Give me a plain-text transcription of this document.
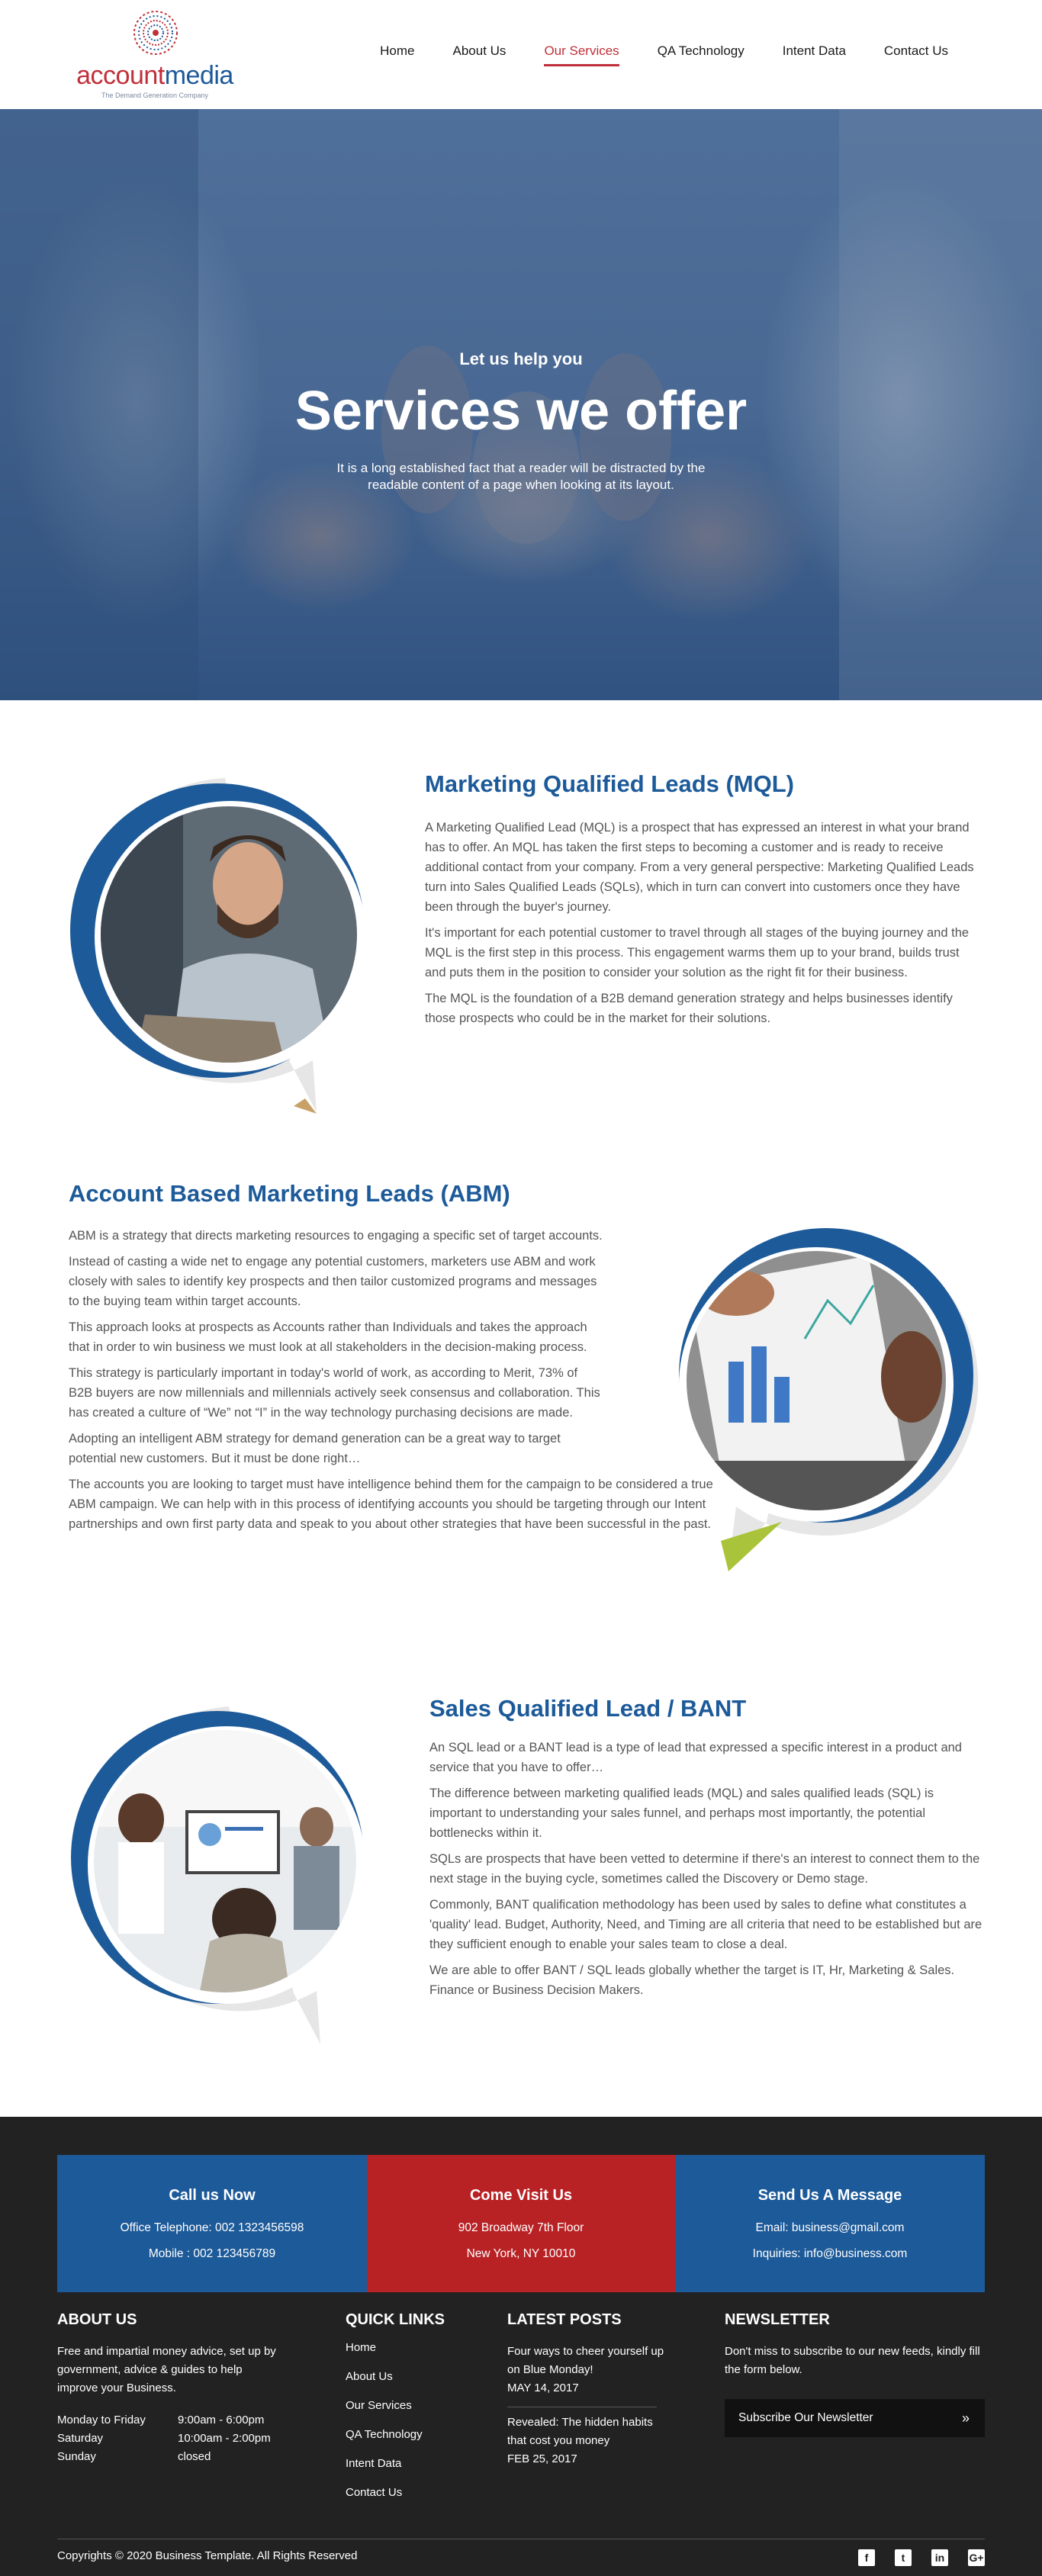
accountmedia
The Demand Generation Company
Home	About Us	Our Services	QA Technology	Intent Data	Contact Us
Let us help you
Services we offer

It is a long established fact that a reader will be distracted by the readable content of a page when looking at its layout.

Marketing Qualified Leads (MQL)

A Marketing Qualified Lead (MQL) is a prospect that has expressed an interest in what your brand has to offer. An MQL has taken the first steps to becoming a customer and is ready to receive additional contact from your company. From a very general perspective: Marketing Qualified Leads turn into Sales Qualified Leads (SQLs), which in turn can convert into customers once they have been through the buyer's journey.

It's important for each potential customer to travel through all stages of the buying journey and the MQL is the first step in this process. This engagement warms them up to your brand, builds trust and puts them in the position to consider your solution as the right fit for their business.

The MQL is the foundation of a B2B demand generation strategy and helps businesses identify those prospects who could be in the market for their solutions.

Account Based Marketing Leads (ABM)

ABM is a strategy that directs marketing resources to engaging a specific set of target accounts.

Instead of casting a wide net to engage any potential customers, marketers use ABM and work closely with sales to identify key prospects and then tailor customized programs and messages to the buying team within target accounts.

This approach looks at prospects as Accounts rather than Individuals and takes the approach that in order to win business we must look at all stakeholders in the decision-making process.

This strategy is particularly important in today's world of work, as according to Merit, 73% of B2B buyers are now millennials and millennials actively seek consensus and collaboration. This has created a culture of “We” not “I” in the way technology purchasing decisions are made.

Adopting an intelligent ABM strategy for demand generation can be a great way to target potential new customers. But it must be done right…

The accounts you are looking to target must have intelligence behind them for the campaign to be considered a true ABM campaign. We can help with in this process of identifying accounts you should be targeting through our Intent partnerships and own first party data and speak to you about other strategies that have been successful in the past.

Sales Qualified Lead / BANT

An SQL lead or a BANT lead is a type of lead that expressed a specific interest in a product and service that you have to offer…

The difference between marketing qualified leads (MQL) and sales qualified leads (SQL) is important to understanding your sales funnel, and perhaps most importantly, the potential bottlenecks within it.

SQLs are prospects that have been vetted to determine if there's an interest to connect them to the next stage in the buying cycle, sometimes called the Discovery or Demo stage.

Commonly, BANT qualification methodology has been used by sales to define what constitutes a 'quality' lead. Budget, Authority, Need, and Timing are all criteria that need to be established but are they sufficient enough to enable your sales team to close a deal.

We are able to offer BANT / SQL leads globally whether the target is IT, Hr, Marketing & Sales. Finance or Business Decision Makers.

Call us Now
Office Telephone: 002 1323456598
Mobile : 002 123456789
Come Visit Us
902 Broadway 7th Floor
New York, NY 10010
Send Us A Message
Email: business@gmail.com
Inquiries: info@business.com
ABOUT US

Free and impartial money advice, set up by government, advice & guides to help improve your Business.

Monday to Friday	9:00am - 6:00pm
Saturday	10:00am - 2:00pm
Sunday	closed
QUICK LINKS
Home
About Us
Our Services
QA Technology
Intent Data
Contact Us
LATEST POSTS
Four ways to cheer yourself up on Blue Monday!
MAY 14, 2017
Revealed: The hidden habits that cost you money
FEB 25, 2017
NEWSLETTER

Don't miss to subscribe to our new feeds, kindly fill the form below.

Subscribe Our Newsletter	»
Copyrights © 2020 Business Template. All Rights Reserved	f	t	in	G+
